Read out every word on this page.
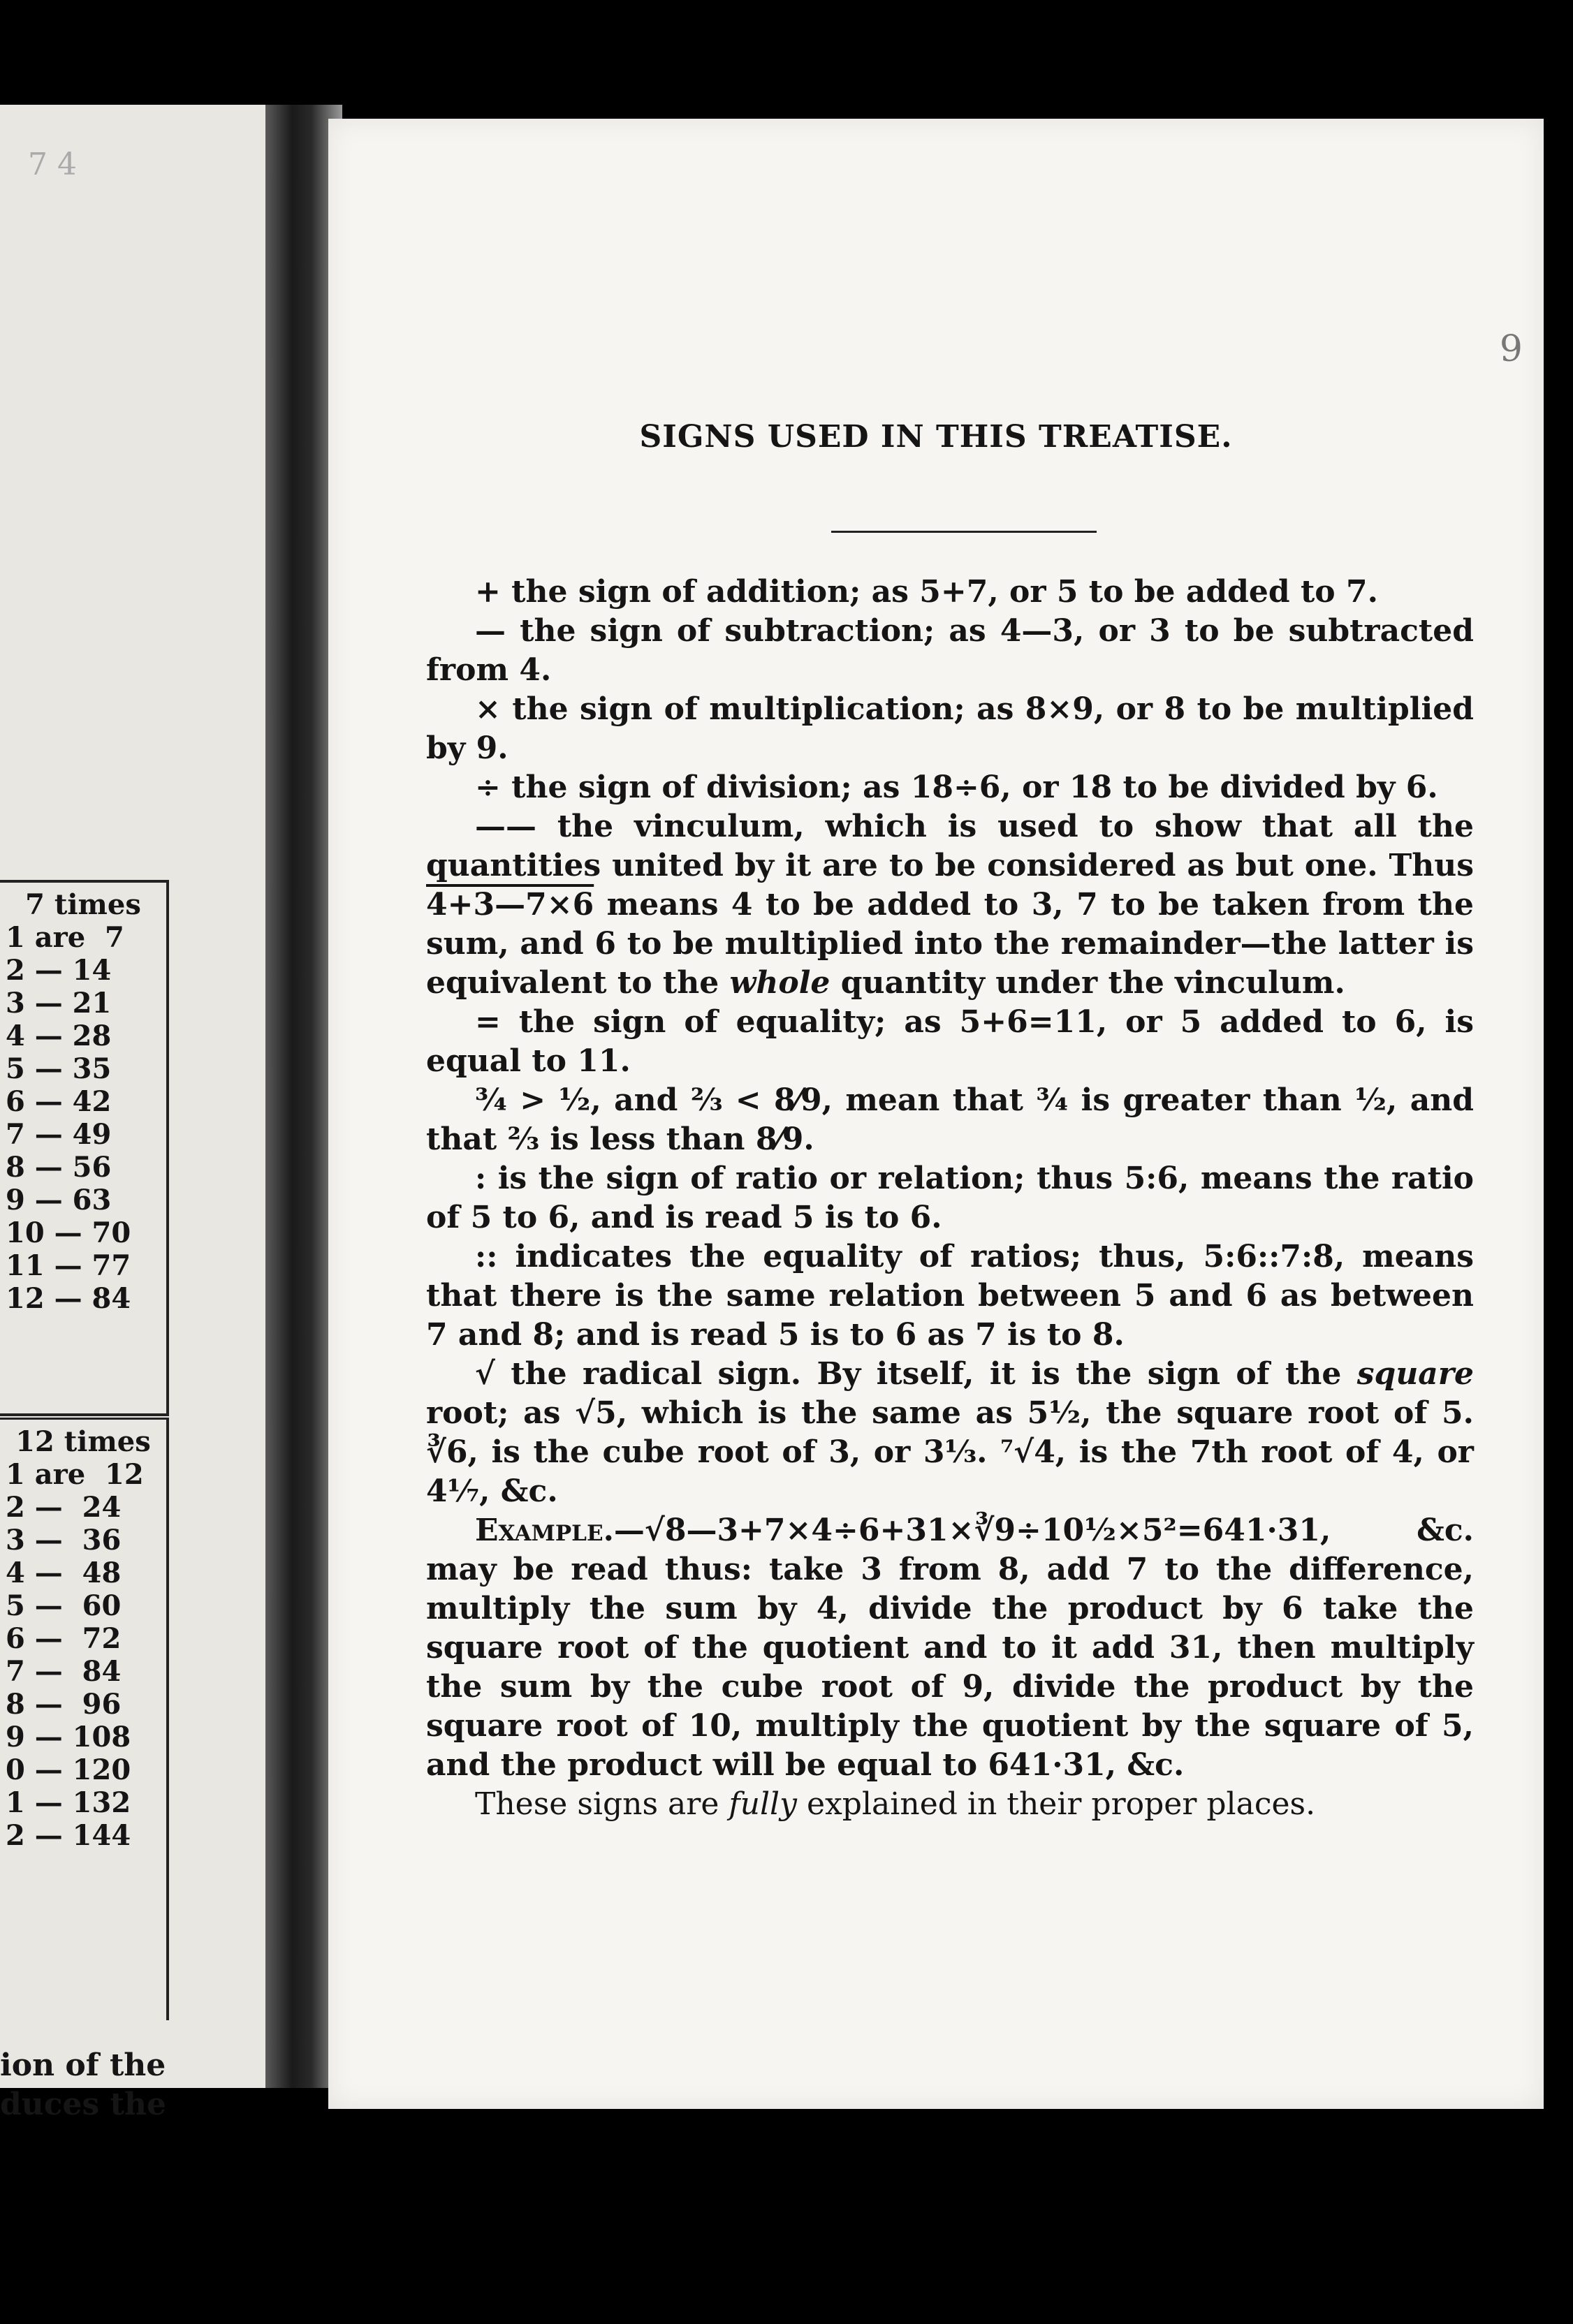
7 4
7 times
1 are  7
2 — 14
3 — 21
4 — 28
5 — 35
6 — 42
7 — 49
8 — 56
9 — 63
10 — 70
11 — 77
12 — 84
12 times
1 are  12
2 —  24
3 —  36
4 —  48
5 —  60
6 —  72
7 —  84
8 —  96
9 — 108
0 — 120
1 — 132
2 — 144
ion of the
duces the
9
SIGNS USED IN THIS TREATISE.

+ the sign of addition; as 5+7, or 5 to be added to 7.

— the sign of subtraction; as 4—3, or 3 to be subtracted from 4.

× the sign of multiplication; as 8×9, or 8 to be multiplied by 9.

÷ the sign of division; as 18÷6, or 18 to be divided by 6.

—— the vinculum, which is used to show that all the quantities united by it are to be considered as but one. Thus 4+3—7×6 means 4 to be added to 3, 7 to be taken from the sum, and 6 to be multiplied into the remainder—the latter is equivalent to the whole quantity under the vinculum.

= the sign of equality; as 5+6=11, or 5 added to 6, is equal to 11.

¾ > ½, and ⅔ < 8⁄9, mean that ¾ is greater than ½, and that ⅔ is less than 8⁄9.

: is the sign of ratio or relation; thus 5:6, means the ratio of 5 to 6, and is read 5 is to 6.

:: indicates the equality of ratios; thus, 5:6::7:8, means that there is the same relation between 5 and 6 as between 7 and 8; and is read 5 is to 6 as 7 is to 8.

√ the radical sign. By itself, it is the sign of the square root; as √5, which is the same as 5½, the square root of 5. ∛6, is the cube root of 3, or 3⅓. ⁷√4, is the 7th root of 4, or 4⅐, &c.

Example.—√8—3+7×4÷6+31×∛9÷10½×5²=641·31, &c. may be read thus: take 3 from 8, add 7 to the difference, multiply the sum by 4, divide the product by 6 take the square root of the quotient and to it add 31, then multiply the sum by the cube root of 9, divide the product by the square root of 10, multiply the quotient by the square of 5, and the product will be equal to 641·31, &c.

These signs are fully explained in their proper places.
